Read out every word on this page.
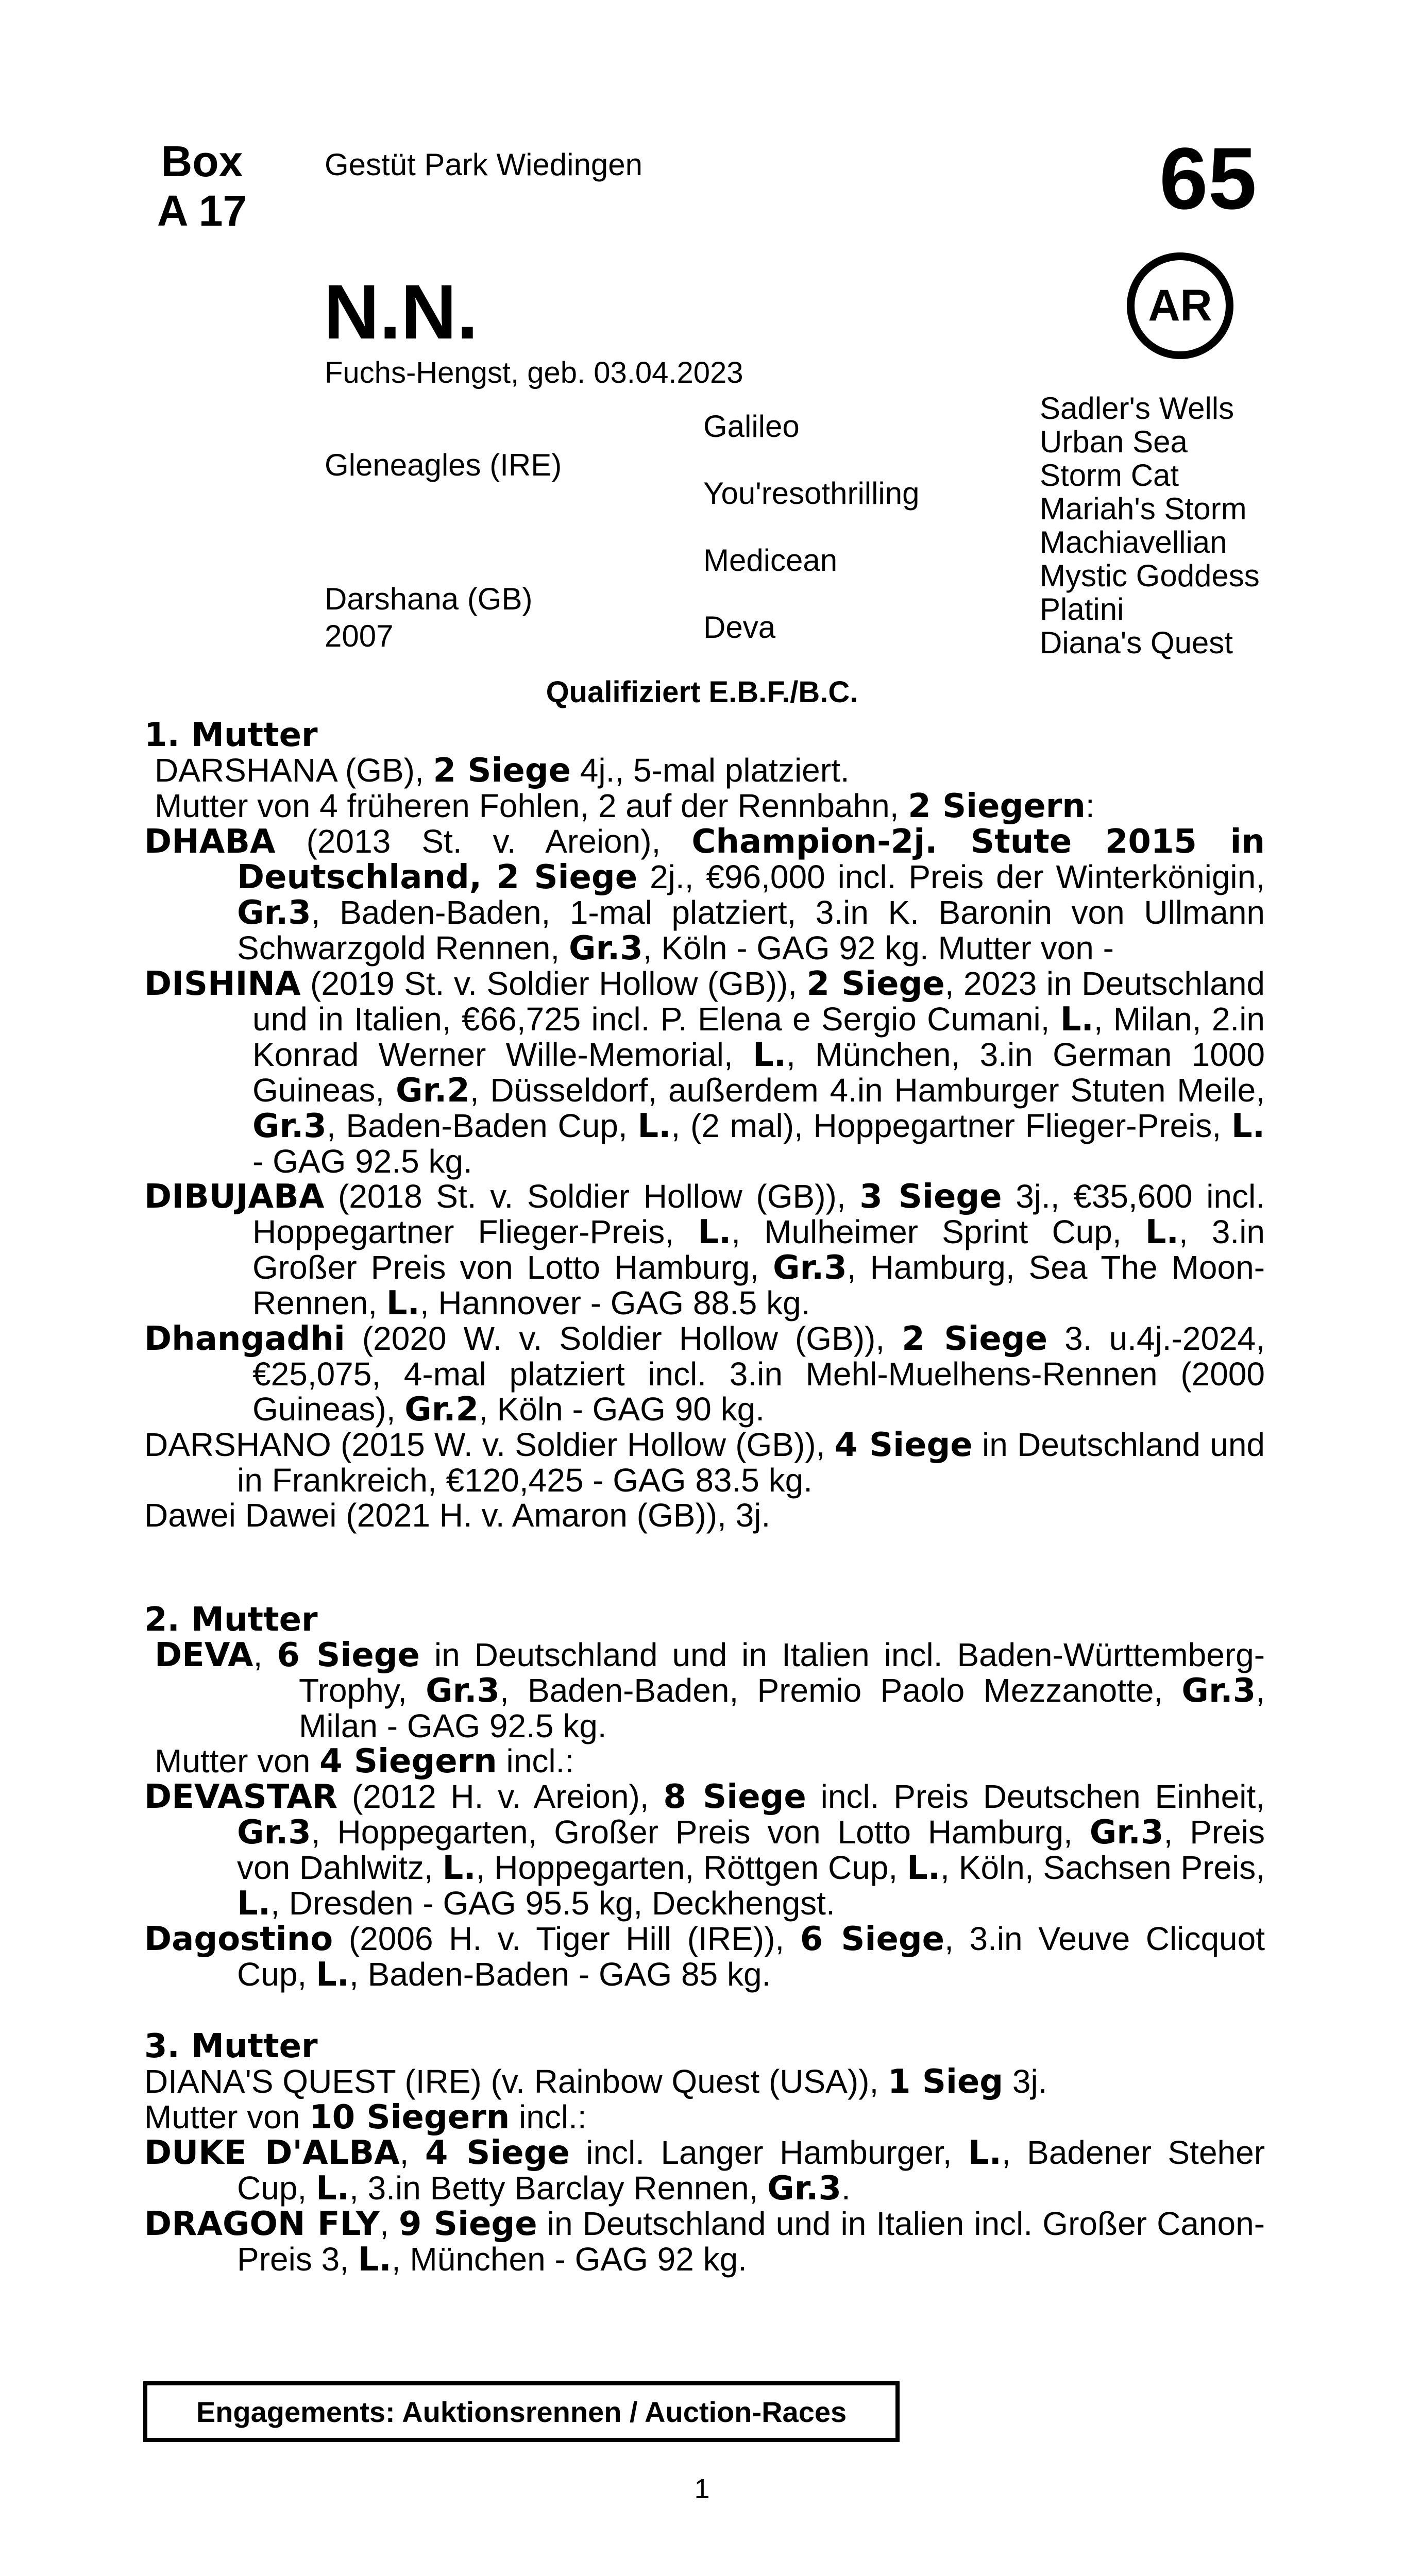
Box
A 17
Gestüt Park Wiedingen	65
N.N.
Fuchs-Hengst, geb. 03.04.2023
AR
Gleneagles (IRE)
Darshana (GB)
2007
Galileo
You'resothrilling
Medicean
Deva
Sadler's Wells
Urban Sea
Storm Cat
Mariah's Storm
Machiavellian
Mystic Goddess
Platini
Diana's Quest
Qualifiziert E.B.F./B.C.

1. Mutter

DARSHANA (GB), 2 Siege 4j., 5-mal platziert.

Mutter von 4 früheren Fohlen, 2 auf der Rennbahn, 2 Siegern:

DHABA (2013 St. v. Areion), Champion-2j. Stute 2015 in Deutschland, 2 Siege 2j., €96,000 incl. Preis der Winterkönigin, Gr.3, Baden-Baden, 1-mal platziert, 3.in K. Baronin von Ullmann Schwarzgold Rennen, Gr.3, Köln - GAG 92 kg. Mutter von -

DISHINA (2019 St. v. Soldier Hollow (GB)), 2 Siege, 2023 in Deutschland und in Italien, €66,725 incl. P. Elena e Sergio Cumani, L., Milan, 2.in Konrad Werner Wille-Memorial, L., München, 3.in German 1000 Guineas, Gr.2, Düsseldorf, außerdem 4.in Hamburger Stuten Meile, Gr.3, Baden-Baden Cup, L., (2 mal), Hoppegartner Flieger-Preis, L. - GAG 92.5 kg.

DIBUJABA (2018 St. v. Soldier Hollow (GB)), 3 Siege 3j., €35,600 incl. Hoppegartner Flieger-Preis, L., Mulheimer Sprint Cup, L., 3.in Großer Preis von Lotto Hamburg, Gr.3, Hamburg, Sea The Moon-Rennen, L., Hannover - GAG 88.5 kg.

Dhangadhi (2020 W. v. Soldier Hollow (GB)), 2 Siege 3. u.4j.-2024, €25,075, 4-mal platziert incl. 3.in Mehl-Muelhens-Rennen (2000 Guineas), Gr.2, Köln - GAG 90 kg.

DARSHANO (2015 W. v. Soldier Hollow (GB)), 4 Siege in Deutschland und in Frankreich, €120,425 - GAG 83.5 kg.

Dawei Dawei (2021 H. v. Amaron (GB)), 3j.

2. Mutter

DEVA, 6 Siege in Deutschland und in Italien incl. Baden-Württemberg-Trophy, Gr.3, Baden-Baden, Premio Paolo Mezzanotte, Gr.3, Milan - GAG 92.5 kg.

Mutter von 4 Siegern incl.:

DEVASTAR (2012 H. v. Areion), 8 Siege incl. Preis Deutschen Einheit, Gr.3, Hoppegarten, Großer Preis von Lotto Hamburg, Gr.3, Preis von Dahlwitz, L., Hoppegarten, Röttgen Cup, L., Köln, Sachsen Preis, L., Dresden - GAG 95.5 kg, Deckhengst.

Dagostino (2006 H. v. Tiger Hill (IRE)), 6 Siege, 3.in Veuve Clicquot Cup, L., Baden-Baden - GAG 85 kg.

3. Mutter

DIANA'S QUEST (IRE) (v. Rainbow Quest (USA)), 1 Sieg 3j.

Mutter von 10 Siegern incl.:

DUKE D'ALBA, 4 Siege incl. Langer Hamburger, L., Badener Steher Cup, L., 3.in Betty Barclay Rennen, Gr.3.

DRAGON FLY, 9 Siege in Deutschland und in Italien incl. Großer Canon-Preis 3, L., München - GAG 92 kg.

Engagements: Auktionsrennen / Auction-Races
1
